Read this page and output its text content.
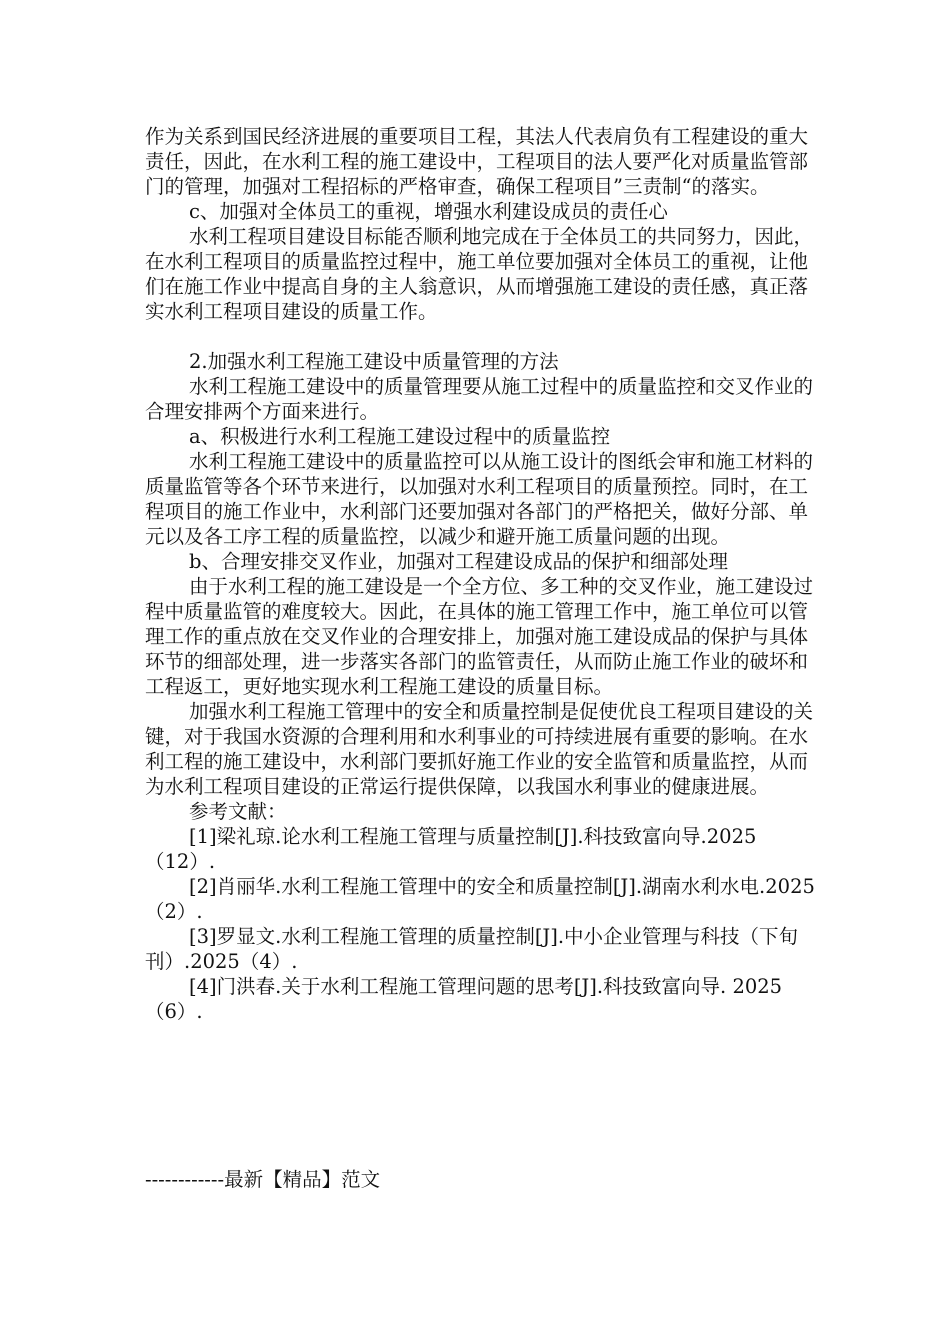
作为关系到国民经济进展的重要项目工程，其法人代表肩负有工程建设的重大责任，因此，在水利工程的施工建设中，工程项目的法人要严化对质量监管部门的管理，加强对工程招标的严格审查，确保工程项目”三责制“的落实。

c、加强对全体员工的重视，增强水利建设成员的责任心

水利工程项目建设目标能否顺利地完成在于全体员工的共同努力，因此，在水利工程项目的质量监控过程中，施工单位要加强对全体员工的重视，让他们在施工作业中提高自身的主人翁意识，从而增强施工建设的责任感，真正落实水利工程项目建设的质量工作。

2.加强水利工程施工建设中质量管理的方法

水利工程施工建设中的质量管理要从施工过程中的质量监控和交叉作业的合理安排两个方面来进行。

a、积极进行水利工程施工建设过程中的质量监控

水利工程施工建设中的质量监控可以从施工设计的图纸会审和施工材料的质量监管等各个环节来进行，以加强对水利工程项目的质量预控。同时，在工程项目的施工作业中，水利部门还要加强对各部门的严格把关，做好分部、单元以及各工序工程的质量监控，以减少和避开施工质量问题的出现。

b、合理安排交叉作业，加强对工程建设成品的保护和细部处理

由于水利工程的施工建设是一个全方位、多工种的交叉作业，施工建设过程中质量监管的难度较大。因此，在具体的施工管理工作中，施工单位可以管理工作的重点放在交叉作业的合理安排上，加强对施工建设成品的保护与具体环节的细部处理，进一步落实各部门的监管责任，从而防止施工作业的破坏和工程返工，更好地实现水利工程施工建设的质量目标。

加强水利工程施工管理中的安全和质量控制是促使优良工程项目建设的关键，对于我国水资源的合理利用和水利事业的可持续进展有重要的影响。在水利工程的施工建设中，水利部门要抓好施工作业的安全监管和质量监控，从而为水利工程项目建设的正常运行提供保障，以我国水利事业的健康进展。

参考文献：

[1]梁礼琼.论水利工程施工管理与质量控制[J].科技致富向导.2025（12）.

[2]肖丽华.水利工程施工管理中的安全和质量控制[J].湖南水利水电.2025（2）.

[3]罗显文.水利工程施工管理的质量控制[J].中小企业管理与科技（下旬刊）.2025（4）.

[4]门洪春.关于水利工程施工管理问题的思考[J].科技致富向导. 2025（6）.

------------最新【精品】范文
